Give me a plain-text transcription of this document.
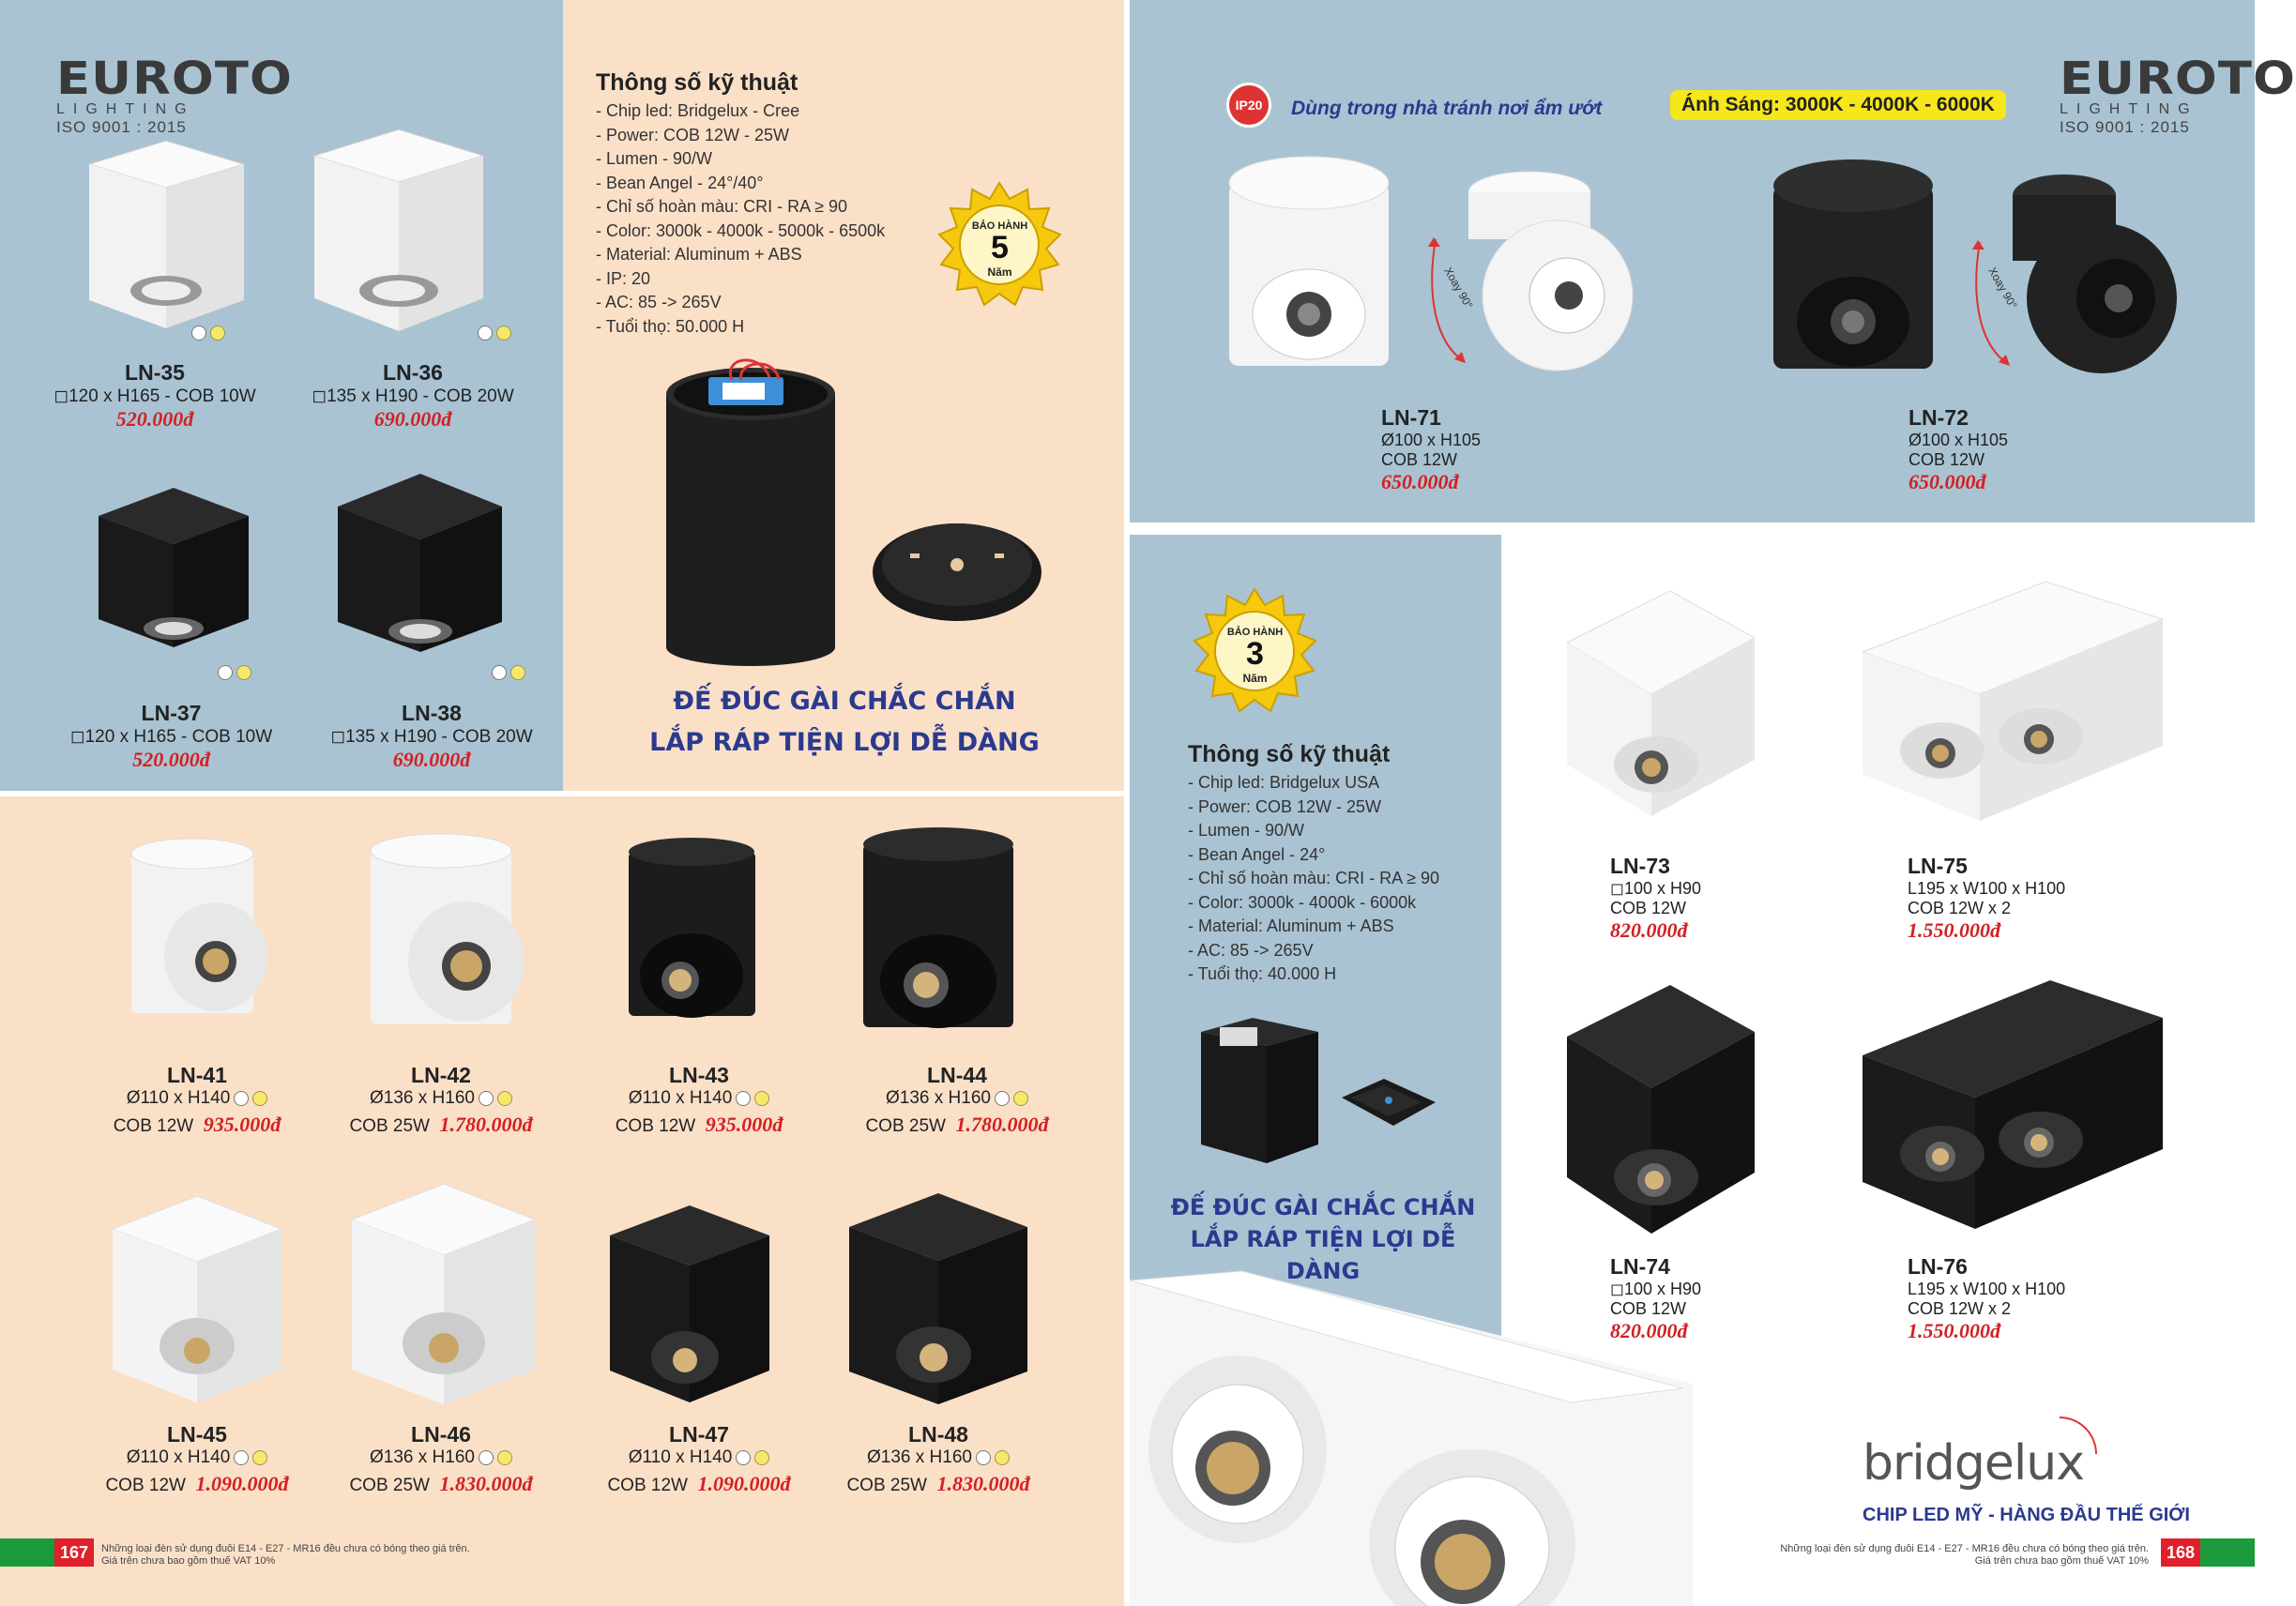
EUROTO
LIGHTING
ISO 9001 : 2015
LN-35
◻120 x H165 - COB 10W
520.000đ
LN-36
◻135 x H190 - COB 20W
690.000đ
LN-37
◻120 x H165 - COB 10W
520.000đ
LN-38
◻135 x H190 - COB 20W
690.000đ
Thông số kỹ thuật
- Chip led: Bridgelux - Cree
- Power: COB 12W - 25W
- Lumen - 90/W
- Bean Angel - 24°/40°
- Chỉ số hoàn màu: CRI - RA ≥ 90
- Color: 3000k - 4000k - 5000k - 6500k
- Material: Aluminum + ABS
- IP: 20
- AC: 85 -> 265V
- Tuổi thọ: 50.000 H
BẢO HÀNH
5
Năm
ĐẾ ĐÚC GÀI CHẮC CHẮN
LẮP RÁP TIỆN LỢI DỄ DÀNG
LN-41
Ø110 x H140
COB 12W 935.000đ
LN-42
Ø136 x H160
COB 25W 1.780.000đ
LN-43
Ø110 x H140
COB 12W 935.000đ
LN-44
Ø136 x H160
COB 25W 1.780.000đ
LN-45
Ø110 x H140
COB 12W 1.090.000đ
LN-46
Ø136 x H160
COB 25W 1.830.000đ
LN-47
Ø110 x H140
COB 12W 1.090.000đ
LN-48
Ø136 x H160
COB 25W 1.830.000đ
167	Những loại đèn sử dụng đuôi E14 - E27 - MR16 đều chưa có bóng theo giá trên.
Giá trên chưa bao gồm thuế VAT 10%
IP20	Dùng trong nhà tránh nơi ẩm ướt	Ánh Sáng: 3000K - 4000K - 6000K EUROTO
LIGHTING
ISO 9001 : 2015
Xoay 90°	Xoay 90°
LN-71
Ø100 x H105
COB 12W
650.000đ
LN-72
Ø100 x H105
COB 12W
650.000đ
BẢO HÀNH
3
Năm
Thông số kỹ thuật
- Chip led: Bridgelux USA
- Power: COB 12W - 25W
- Lumen - 90/W
- Bean Angel - 24°
- Chỉ số hoàn màu: CRI - RA ≥ 90
- Color: 3000k - 4000k - 6000k
- Material: Aluminum + ABS
- AC: 85 -> 265V
- Tuổi thọ: 40.000 H
ĐẾ ĐÚC GÀI CHẮC CHẮN
LẮP RÁP TIỆN LỢI DỄ DÀNG
LN-73
◻100 x H90
COB 12W
820.000đ
LN-75
L195 x W100 x H100
COB 12W x 2
1.550.000đ
LN-74
◻100 x H90
COB 12W
820.000đ
LN-76
L195 x W100 x H100
COB 12W x 2
1.550.000đ
bridgelux
CHIP LED MỸ - HÀNG ĐẦU THẾ GIỚI
Những loại đèn sử dụng đuôi E14 - E27 - MR16 đều chưa có bóng theo giá trên.
Giá trên chưa bao gồm thuế VAT 10%	168
